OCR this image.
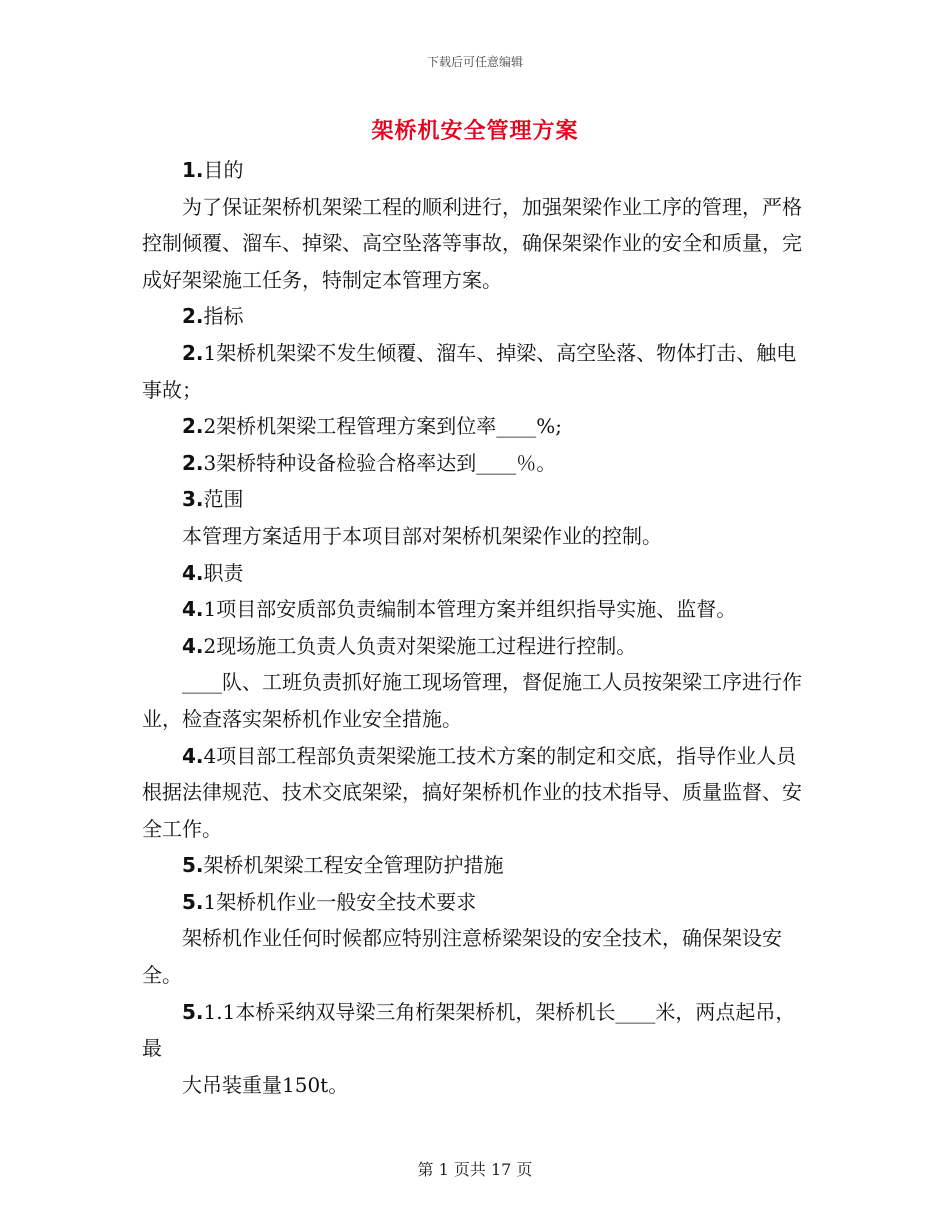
下载后可任意编辑
架桥机安全管理方案

1.目的

为了保证架桥机架梁工程的顺利进行，加强架梁作业工序的管理，严格控制倾覆、溜车、掉梁、高空坠落等事故，确保架梁作业的安全和质量，完成好架梁施工任务，特制定本管理方案。

2.指标

2.1架桥机架梁不发生倾覆、溜车、掉梁、高空坠落、物体打击、触电事故；

2.2架桥机架梁工程管理方案到位率____%;

2.3架桥特种设备检验合格率达到____％。

3.范围

本管理方案适用于本项目部对架桥机架梁作业的控制。

4.职责

4.1项目部安质部负责编制本管理方案并组织指导实施、监督。

4.2现场施工负责人负责对架梁施工过程进行控制。

____队、工班负责抓好施工现场管理，督促施工人员按架梁工序进行作业，检查落实架桥机作业安全措施。

4.4项目部工程部负责架梁施工技术方案的制定和交底，指导作业人员根据法律规范、技术交底架梁，搞好架桥机作业的技术指导、质量监督、安全工作。

5.架桥机架梁工程安全管理防护措施

5.1架桥机作业一般安全技术要求

架桥机作业任何时候都应特别注意桥梁架设的安全技术，确保架设安全。

5.1.1本桥采纳双导梁三角桁架架桥机，架桥机长____米，两点起吊，最

大吊装重量150t。

第 1 页共 17 页
